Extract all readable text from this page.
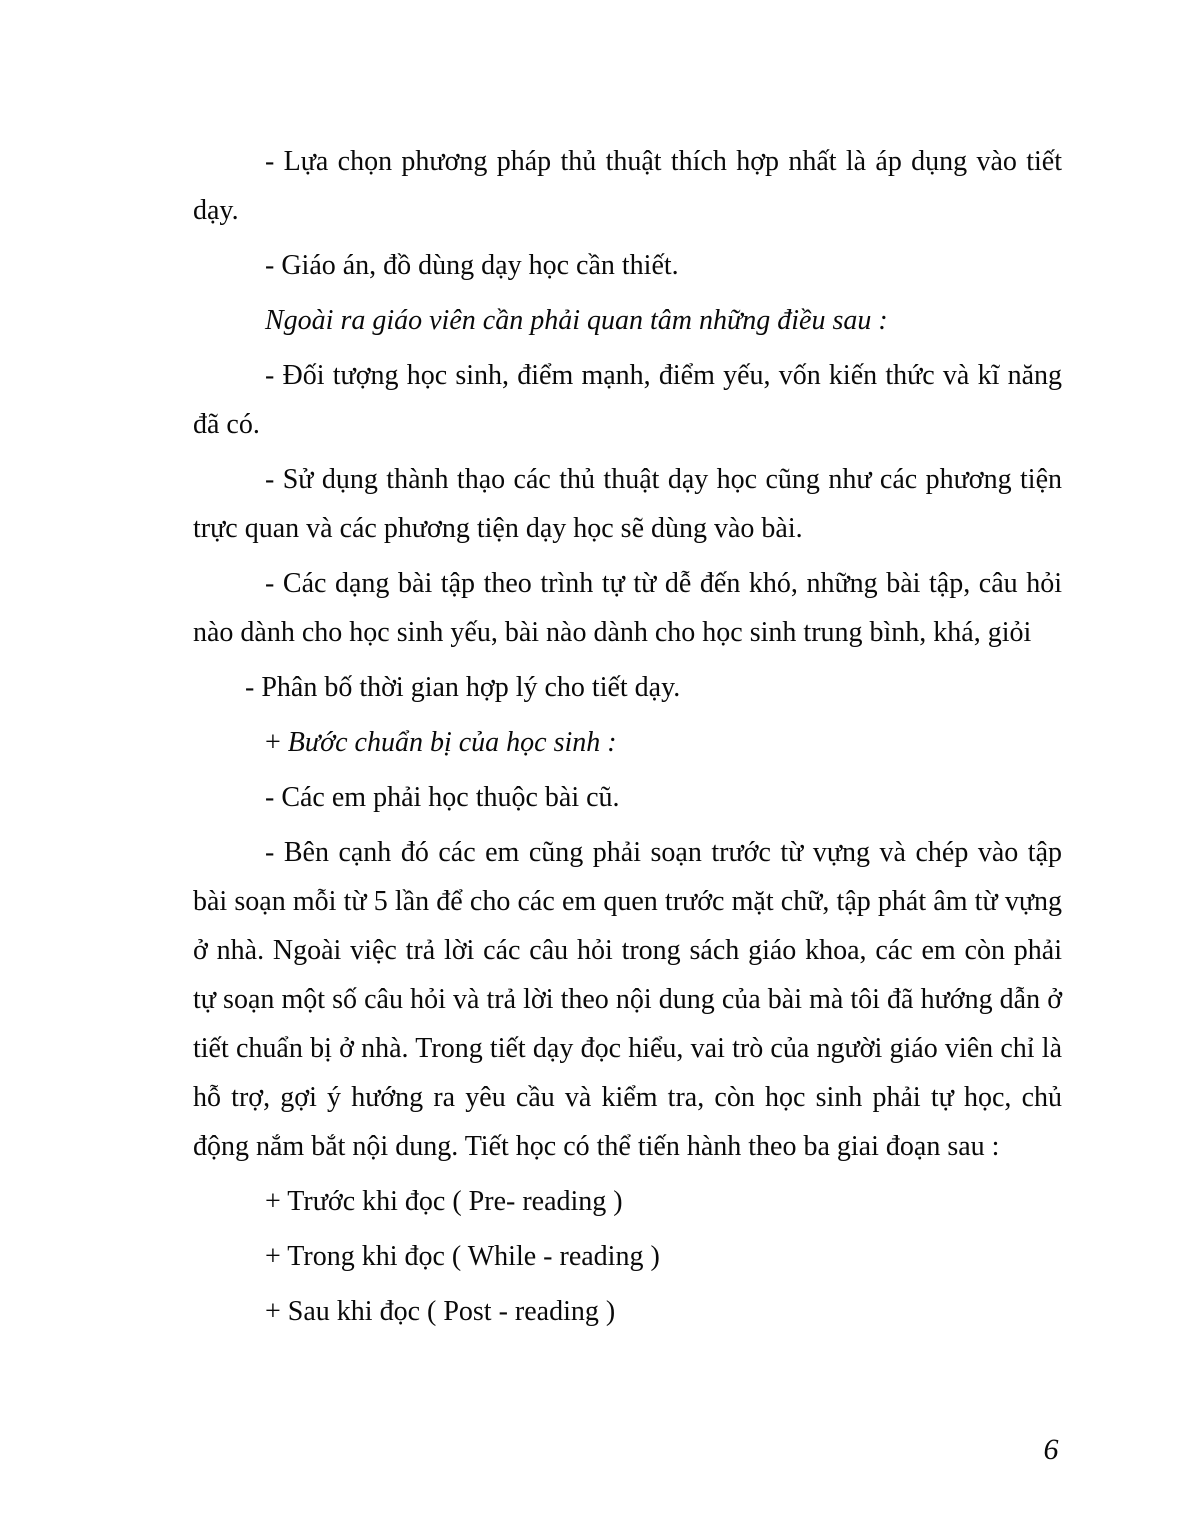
- Lựa chọn phương pháp thủ thuật thích hợp nhất là áp dụng vào tiết dạy.

- Giáo án, đồ dùng dạy học cần thiết.

Ngoài ra giáo viên cần phải quan tâm những điều sau :

- Đối tượng học sinh, điểm mạnh, điểm yếu, vốn kiến thức và kĩ năng đã có.

- Sử dụng thành thạo các thủ thuật dạy học cũng như các phương tiện trực quan và các phương tiện dạy học sẽ dùng vào bài.

- Các dạng bài tập theo trình tự từ dễ đến khó, những bài tập, câu hỏi nào dành cho học sinh yếu, bài nào dành cho học sinh trung bình, khá, giỏi

- Phân bố thời gian hợp lý cho tiết dạy.

+ Bước chuẩn bị của học sinh :

- Các em phải học thuộc bài cũ.

- Bên cạnh đó các em cũng phải soạn trước từ vựng và chép vào tập bài soạn mỗi từ 5 lần để cho các em quen trước mặt chữ, tập phát âm từ vựng ở nhà. Ngoài việc trả lời các câu hỏi trong sách giáo khoa, các em còn phải tự soạn một số câu hỏi và trả lời theo nội dung của bài mà tôi đã hướng dẫn ở tiết chuẩn bị ở nhà. Trong tiết dạy đọc hiểu, vai trò của người giáo viên chỉ là hỗ trợ, gợi ý hướng ra yêu cầu và kiểm tra, còn học sinh phải tự học, chủ động nắm bắt nội dung. Tiết học có thể tiến hành theo ba giai đoạn sau :

+ Trước khi đọc ( Pre- reading )

+ Trong khi đọc ( While - reading )

+ Sau khi đọc ( Post - reading )

6
